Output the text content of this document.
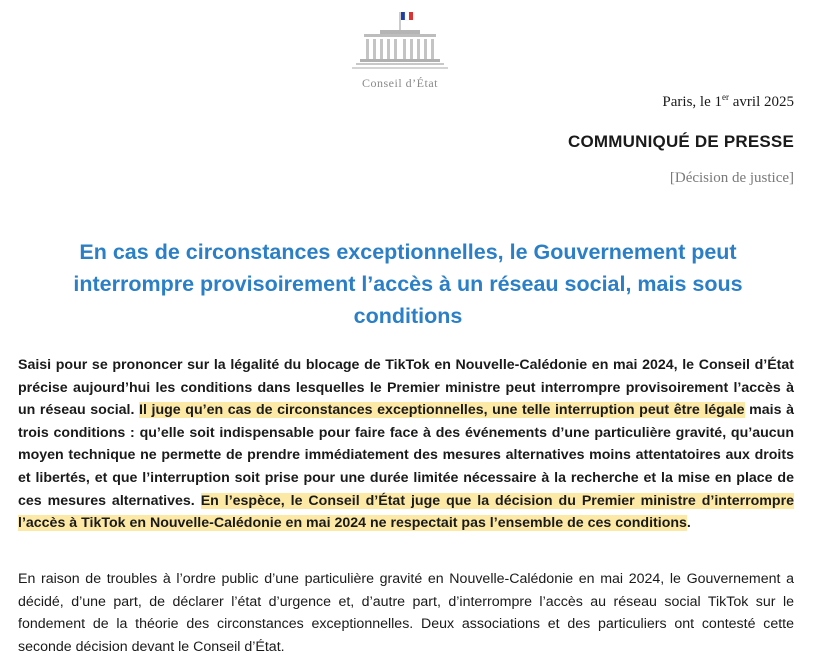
Conseil d’État
Paris, le 1er avril 2025
COMMUNIQUÉ DE PRESSE
[Décision de justice]
En cas de circonstances exceptionnelles, le Gouvernement peut interrompre provisoirement l’accès à un réseau social, mais sous conditions
Saisi pour se prononcer sur la légalité du blocage de TikTok en Nouvelle-Calédonie en mai 2024, le Conseil d’État précise aujourd’hui les conditions dans lesquelles le Premier ministre peut interrompre provisoirement l’accès à un réseau social. Il juge qu’en cas de circonstances exceptionnelles, une telle interruption peut être légale mais à trois conditions : qu’elle soit indispensable pour faire face à des événements d’une particulière gravité, qu’aucun moyen technique ne permette de prendre immédiatement des mesures alternatives moins attentatoires aux droits et libertés, et que l’interruption soit prise pour une durée limitée nécessaire à la recherche et la mise en place de ces mesures alternatives. En l’espèce, le Conseil d’État juge que la décision du Premier ministre d’interrompre l’accès à TikTok en Nouvelle-Calédonie en mai 2024 ne respectait pas l’ensemble de ces conditions.
En raison de troubles à l’ordre public d’une particulière gravité en Nouvelle-Calédonie en mai 2024, le Gouvernement a décidé, d’une part, de déclarer l’état d’urgence et, d’autre part, d’interrompre l’accès au réseau social TikTok sur le fondement de la théorie des circonstances exceptionnelles. Deux associations et des particuliers ont contesté cette seconde décision devant le Conseil d’État.
